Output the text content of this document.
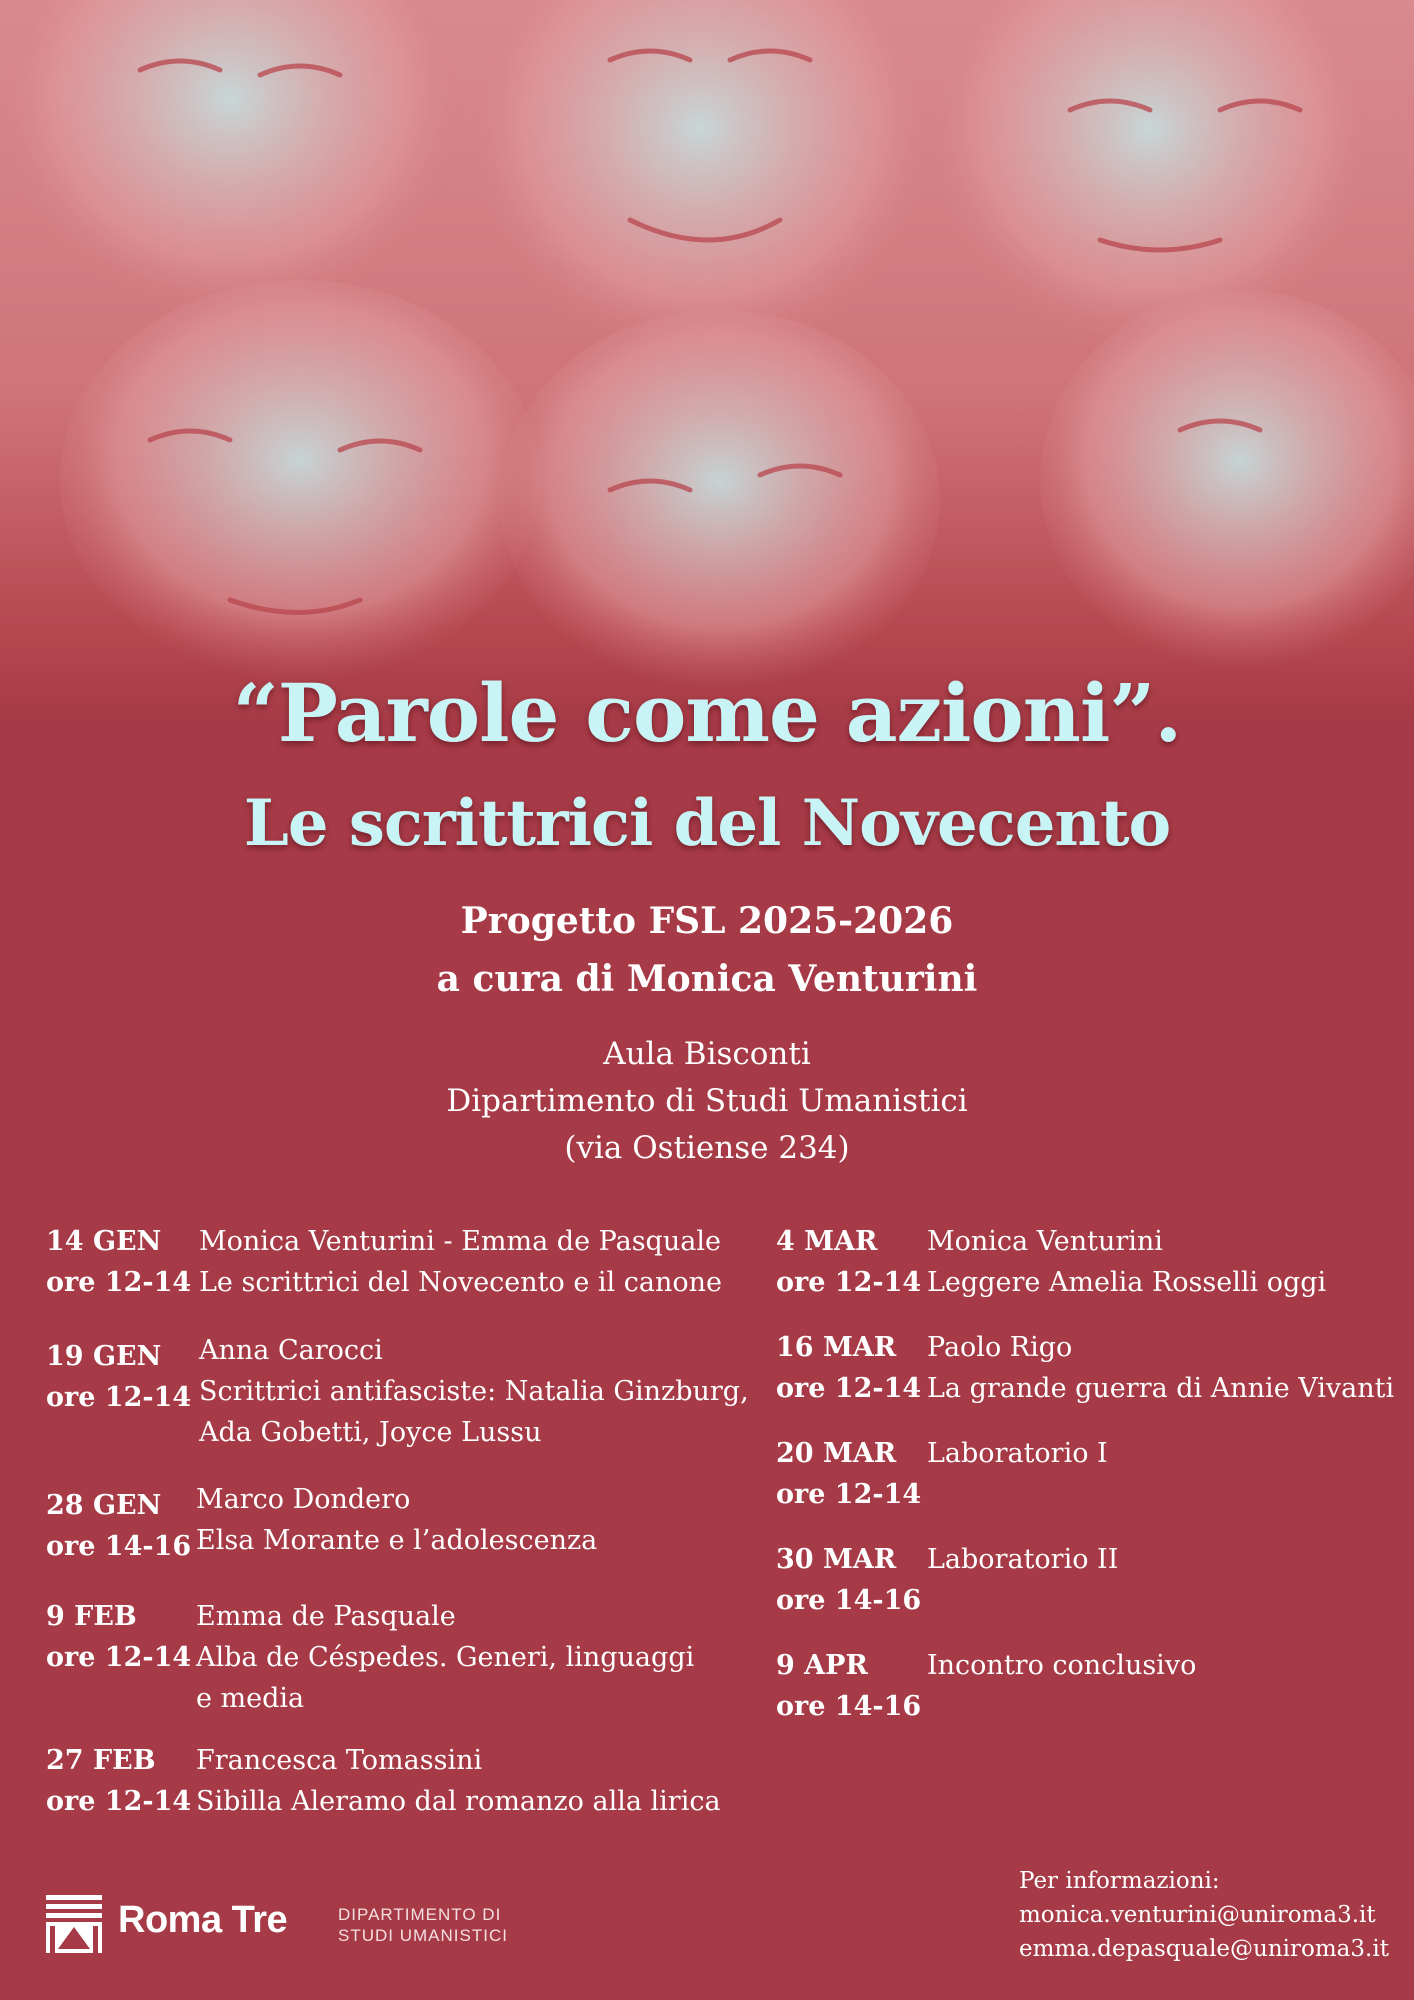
“Parole come azioni”.
Le scrittrici del Novecento
Progetto FSL 2025-2026
a cura di Monica Venturini
Aula Bisconti
Dipartimento di Studi Umanistici
(via Ostiense 234)
14 GEN
ore 12-14
Monica Venturini - Emma de Pasquale
Le scrittrici del Novecento e il canone
19 GEN
ore 12-14
Anna Carocci
Scrittrici antifasciste: Natalia Ginzburg,
Ada Gobetti, Joyce Lussu
28 GEN
ore 14-16
Marco Dondero
Elsa Morante e l’adolescenza
9 FEB
ore 12-14
Emma de Pasquale
Alba de Céspedes. Generi, linguaggi
e media
27 FEB
ore 12-14
Francesca Tomassini
Sibilla Aleramo dal romanzo alla lirica
4 MAR
ore 12-14
Monica Venturini
Leggere Amelia Rosselli oggi
16 MAR
ore 12-14
Paolo Rigo
La grande guerra di Annie Vivanti
20 MAR
ore 12-14
Laboratorio I
30 MAR
ore 14-16
Laboratorio II
9 APR
ore 14-16
Incontro conclusivo
Roma Tre	DIPARTIMENTO DI
STUDI UMANISTICI
Per informazioni:
monica.venturini@uniroma3.it
emma.depasquale@uniroma3.it
